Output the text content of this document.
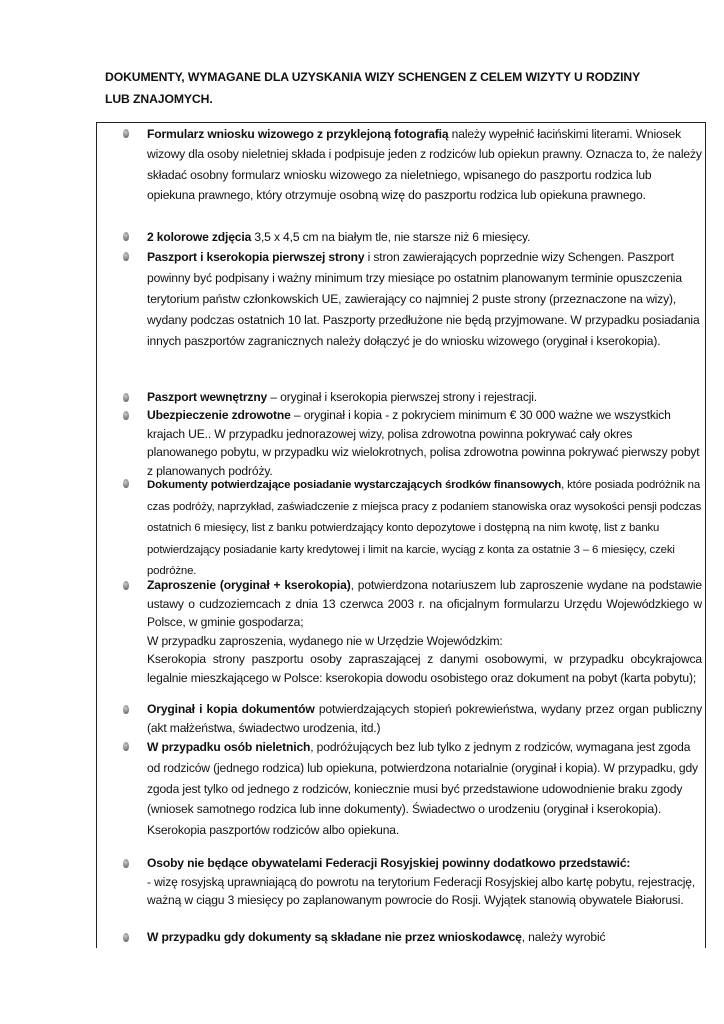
DOKUMENTY, WYMAGANE DLA UZYSKANIA WIZY SCHENGEN Z CELEM WIZYTY U RODZINY LUB ZNAJOMYCH.
Formularz wniosku wizowego z przyklejoną fotografią należy wypełnić łacińskimi literami. Wniosek wizowy dla osoby nieletniej składa i podpisuje jeden z rodziców lub opiekun prawny. Oznacza to, że należy składać osobny formularz wniosku wizowego za nieletniego, wpisanego do paszportu rodzica lub opiekuna prawnego, który otrzymuje osobną wizę do paszportu rodzica lub opiekuna prawnego.
2 kolorowe zdjęcia 3,5 x 4,5 cm na białym tle, nie starsze niż 6 miesięcy.
Paszport i kserokopia pierwszej strony i stron zawierających poprzednie wizy Schengen. Paszport powinny być podpisany i ważny minimum trzy miesiące po ostatnim planowanym terminie opuszczenia terytorium państw członkowskich UE, zawierający co najmniej 2 puste strony (przeznaczone na wizy), wydany podczas ostatnich 10 lat. Paszporty przedłużone nie będą przyjmowane. W przypadku posiadania innych paszportów zagranicznych należy dołączyć je do wniosku wizowego (oryginał i kserokopia).
Paszport wewnętrzny – oryginał i kserokopia pierwszej strony i rejestracji.
Ubezpieczenie zdrowotne – oryginał i kopia - z pokryciem minimum € 30 000 ważne we wszystkich krajach UE.. W przypadku jednorazowej wizy, polisa zdrowotna powinna pokrywać cały okres planowanego pobytu, w przypadku wiz wielokrotnych, polisa zdrowotna powinna pokrywać pierwszy pobyt z planowanych podróży.
Dokumenty potwierdzające posiadanie wystarczających środków finansowych, które posiada podróżnik na czas podróży, naprzykład, zaświadczenie z miejsca pracy z podaniem stanowiska oraz wysokości pensji podczas ostatnich 6 miesięcy, list z banku potwierdzający konto depozytowe i dostępną na nim kwotę, list z banku potwierdzający posiadanie karty kredytowej i limit na karcie, wyciąg z konta za ostatnie 3 – 6 miesięcy, czeki podróżne.
Zaproszenie (oryginał + kserokopia), potwierdzona notariuszem lub zaproszenie wydane na podstawie ustawy o cudzoziemcach z dnia 13 czerwca 2003 r. na oficjalnym formularzu Urzędu Wojewódzkiego w Polsce, w gminie gospodarza;
W przypadku zaproszenia, wydanego nie w Urzędzie Wojewódzkim:
Kserokopia strony paszportu osoby zapraszającej z danymi osobowymi, w przypadku obcykrajowca legalnie mieszkającego w Polsce: kserokopia dowodu osobistego oraz dokument na pobyt (karta pobytu);
Oryginał i kopia dokumentów potwierdzających stopień pokrewieństwa, wydany przez organ publiczny (akt małżeństwa, świadectwo urodzenia, itd.)
W przypadku osób nieletnich, podróżujących bez lub tylko z jednym z rodziców, wymagana jest zgoda od rodziców (jednego rodzica) lub opiekuna, potwierdzona notarialnie (oryginał i kopia). W przypadku, gdy zgoda jest tylko od jednego z rodziców, koniecznie musi być przedstawione udowodnienie braku zgody (wniosek samotnego rodzica lub inne dokumenty). Świadectwo o urodzeniu (oryginał i kserokopia). Kserokopia paszportów rodziców albo opiekuna.
Osoby nie będące obywatelami Federacji Rosyjskiej powinny dodatkowo przedstawić:
- wizę rosyjską uprawniającą do powrotu na terytorium Federacji Rosyjskiej albo kartę pobytu, rejestrację, ważną w ciągu 3 miesięcy po zaplanowanym powrocie do Rosji. Wyjątek stanowią obywatele Białorusi.
W przypadku gdy dokumenty są składane nie przez wnioskodawcę, należy wyrobić
